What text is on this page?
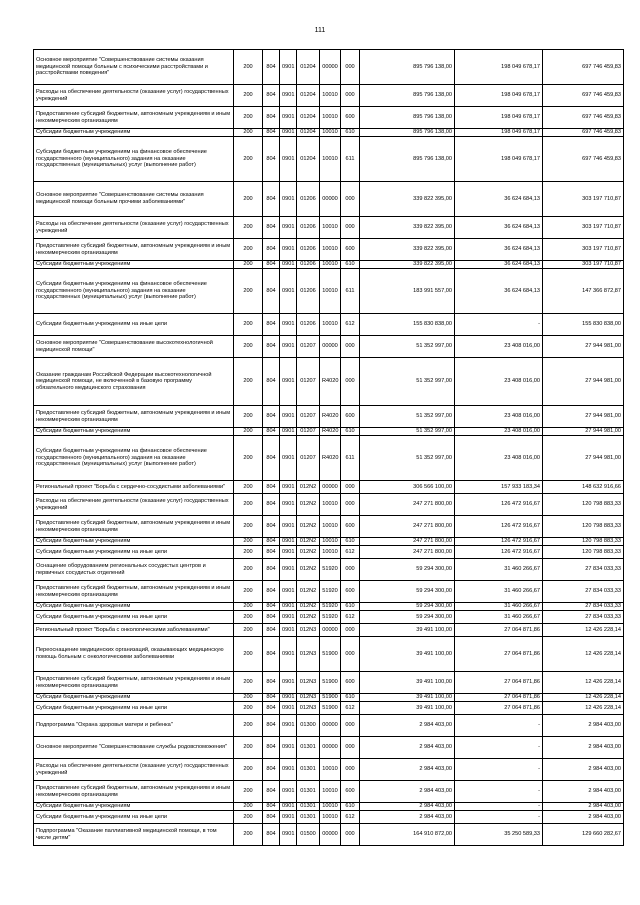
111
Основное мероприятие "Совершенствование системы оказания медицинской помощи больным с психическими расстройствами и расстройствами поведения"	200	804	0901	01204	00000	000	895 796 138,00	198 049 678,17	697 746 459,83
Расходы на обеспечение деятельности (оказание услуг) государственных учреждений	200	804	0901	01204	10010	000	895 796 138,00	198 049 678,17	697 746 459,83
Предоставление субсидий бюджетным, автономным учреждениям и иным некоммерческим организациям	200	804	0901	01204	10010	600	895 796 138,00	198 049 678,17	697 746 459,83
Субсидии бюджетным учреждениям	200	804	0901	01204	10010	610	895 796 138,00	198 049 678,17	697 746 459,83
Субсидии бюджетным учреждениям на финансовое обеспечение государственного (муниципального) задания на оказание государственных (муниципальных) услуг (выполнение работ)	200	804	0901	01204	10010	611	895 796 138,00	198 049 678,17	697 746 459,83
Основное мероприятие "Совершенствование системы оказания медицинской помощи больным прочими заболеваниями"	200	804	0901	01206	00000	000	339 822 395,00	36 624 684,13	303 197 710,87
Расходы на обеспечение деятельности (оказание услуг) государственных учреждений	200	804	0901	01206	10010	000	339 822 395,00	36 624 684,13	303 197 710,87
Предоставление субсидий бюджетным, автономным учреждениям и иным некоммерческим организациям	200	804	0901	01206	10010	600	339 822 395,00	36 624 684,13	303 197 710,87
Субсидии бюджетным учреждениям	200	804	0901	01206	10010	610	339 822 395,00	36 624 684,13	303 197 710,87
Субсидии бюджетным учреждениям на финансовое обеспечение государственного (муниципального) задания на оказание государственных (муниципальных) услуг (выполнение работ)	200	804	0901	01206	10010	611	183 991 557,00	36 624 684,13	147 366 872,87
Субсидии бюджетным учреждениям на иные цели	200	804	0901	01206	10010	612	155 830 838,00	-	155 830 838,00
Основное мероприятие "Совершенствование высокотехнологичной медицинской помощи"	200	804	0901	01207	00000	000	51 352 997,00	23 408 016,00	27 944 981,00
Оказание гражданам Российской Федерации высокотехнологичной медицинской помощи, не включенной в базовую программу обязательного медицинского страхования	200	804	0901	01207	R4020	000	51 352 997,00	23 408 016,00	27 944 981,00
Предоставление субсидий бюджетным, автономным учреждениям и иным некоммерческим организациям	200	804	0901	01207	R4020	600	51 352 997,00	23 408 016,00	27 944 981,00
Субсидии бюджетным учреждениям	200	804	0901	01207	R4020	610	51 352 997,00	23 408 016,00	27 944 981,00
Субсидии бюджетным учреждениям на финансовое обеспечение государственного (муниципального) задания на оказание государственных (муниципальных) услуг (выполнение работ)	200	804	0901	01207	R4020	611	51 352 997,00	23 408 016,00	27 944 981,00
Региональный проект "Борьба с сердечно-сосудистыми заболеваниями"	200	804	0901	012N2	00000	000	306 566 100,00	157 933 183,34	148 632 916,66
Расходы на обеспечение деятельности (оказание услуг) государственных учреждений	200	804	0901	012N2	10010	000	247 271 800,00	126 472 916,67	120 798 883,33
Предоставление субсидий бюджетным, автономным учреждениям и иным некоммерческим организациям	200	804	0901	012N2	10010	600	247 271 800,00	126 472 916,67	120 798 883,33
Субсидии бюджетным учреждениям	200	804	0901	012N2	10010	610	247 271 800,00	126 472 916,67	120 798 883,33
Субсидии бюджетным учреждениям на иные цели	200	804	0901	012N2	10010	612	247 271 800,00	126 472 916,67	120 798 883,33
Оснащение оборудованием региональных сосудистых центров и первичных сосудистых отделений	200	804	0901	012N2	51920	000	59 294 300,00	31 460 266,67	27 834 033,33
Предоставление субсидий бюджетным, автономным учреждениям и иным некоммерческим организациям	200	804	0901	012N2	51920	600	59 294 300,00	31 460 266,67	27 834 033,33
Субсидии бюджетным учреждениям	200	804	0901	012N2	51920	610	59 294 300,00	31 460 266,67	27 834 033,33
Субсидии бюджетным учреждениям на иные цели	200	804	0901	012N2	51920	612	59 294 300,00	31 460 266,67	27 834 033,33
Региональный проект "Борьба с онкологическими заболеваниями"	200	804	0901	012N3	00000	000	39 491 100,00	27 064 871,86	12 426 228,14
Переоснащение медицинских организаций, оказывающих медицинскую помощь больным с онкологическими заболеваниями	200	804	0901	012N3	51900	000	39 491 100,00	27 064 871,86	12 426 228,14
Предоставление субсидий бюджетным, автономным учреждениям и иным некоммерческим организациям	200	804	0901	012N3	51900	600	39 491 100,00	27 064 871,86	12 426 228,14
Субсидии бюджетным учреждениям	200	804	0901	012N3	51900	610	39 491 100,00	27 064 871,86	12 426 228,14
Субсидии бюджетным учреждениям на иные цели	200	804	0901	012N3	51900	612	39 491 100,00	27 064 871,86	12 426 228,14
Подпрограмма "Охрана здоровья матери и ребенка"	200	804	0901	01300	00000	000	2 984 403,00	-	2 984 403,00
Основное мероприятие "Совершенствование службы родовспоможения"	200	804	0901	01301	00000	000	2 984 403,00	-	2 984 403,00
Расходы на обеспечение деятельности (оказание услуг) государственных учреждений	200	804	0901	01301	10010	000	2 984 403,00	-	2 984 403,00
Предоставление субсидий бюджетным, автономным учреждениям и иным некоммерческим организациям	200	804	0901	01301	10010	600	2 984 403,00	-	2 984 403,00
Субсидии бюджетным учреждениям	200	804	0901	01301	10010	610	2 984 403,00	-	2 984 403,00
Субсидии бюджетным учреждениям на иные цели	200	804	0901	01301	10010	612	2 984 403,00	-	2 984 403,00
Подпрограмма "Оказание паллиативной медицинской помощи, в том числе детям"	200	804	0901	01500	00000	000	164 910 872,00	35 250 589,33	129 660 282,67
